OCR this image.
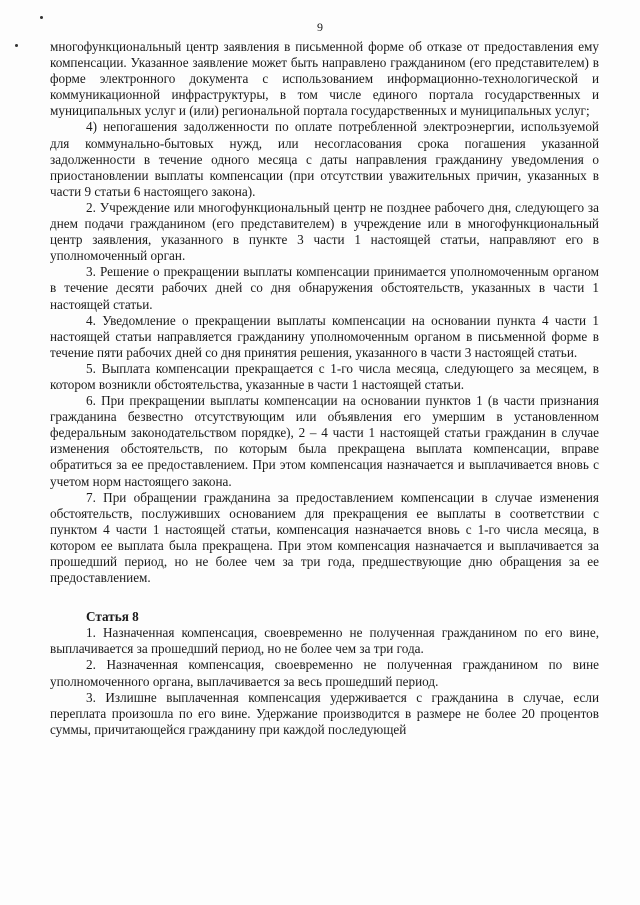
9

многофункциональный центр заявления в письменной форме об отказе от предоставления ему компенсации. Указанное заявление может быть направлено гражданином (его представителем) в форме электронного документа с использованием информационно-технологической и коммуникационной инфраструктуры, в том числе единого портала государственных и муниципальных услуг и (или) региональной портала государственных и муниципальных услуг;

4) непогашения задолженности по оплате потребленной электроэнергии, используемой для коммунально-бытовых нужд, или несогласования срока погашения указанной задолженности в течение одного месяца с даты направления гражданину уведомления о приостановлении выплаты компенсации (при отсутствии уважительных причин, указанных в части 9 статьи 6 настоящего закона).

2. Учреждение или многофункциональный центр не позднее рабочего дня, следующего за днем подачи гражданином (его представителем) в учреждение или в многофункциональный центр заявления, указанного в пункте 3 части 1 настоящей статьи, направляют его в уполномоченный орган.

3. Решение о прекращении выплаты компенсации принимается уполномоченным органом в течение десяти рабочих дней со дня обнаружения обстоятельств, указанных в части 1 настоящей статьи.

4. Уведомление о прекращении выплаты компенсации на основании пункта 4 части 1 настоящей статьи направляется гражданину уполномоченным органом в письменной форме в течение пяти рабочих дней со дня принятия решения, указанного в части 3 настоящей статьи.

5. Выплата компенсации прекращается с 1-го числа месяца, следующего за месяцем, в котором возникли обстоятельства, указанные в части 1 настоящей статьи.

6. При прекращении выплаты компенсации на основании пунктов 1 (в части признания гражданина безвестно отсутствующим или объявления его умершим в установленном федеральным законодательством порядке), 2 – 4 части 1 настоящей статьи гражданин в случае изменения обстоятельств, по которым была прекращена выплата компенсации, вправе обратиться за ее предоставлением. При этом компенсация назначается и выплачивается вновь с учетом норм настоящего закона.

7. При обращении гражданина за предоставлением компенсации в случае изменения обстоятельств, послуживших основанием для прекращения ее выплаты в соответствии с пунктом 4 части 1 настоящей статьи, компенсация назначается вновь с 1-го числа месяца, в котором ее выплата была прекращена. При этом компенсация назначается и выплачивается за прошедший период, но не более чем за три года, предшествующие дню обращения за ее предоставлением.

Статья 8

1. Назначенная компенсация, своевременно не полученная гражданином по его вине, выплачивается за прошедший период, но не более чем за три года.

2. Назначенная компенсация, своевременно не полученная гражданином по вине уполномоченного органа, выплачивается за весь прошедший период.

3. Излишне выплаченная компенсация удерживается с гражданина в случае, если переплата произошла по его вине. Удержание производится в размере не более 20 процентов суммы, причитающейся гражданину при каждой последующей
